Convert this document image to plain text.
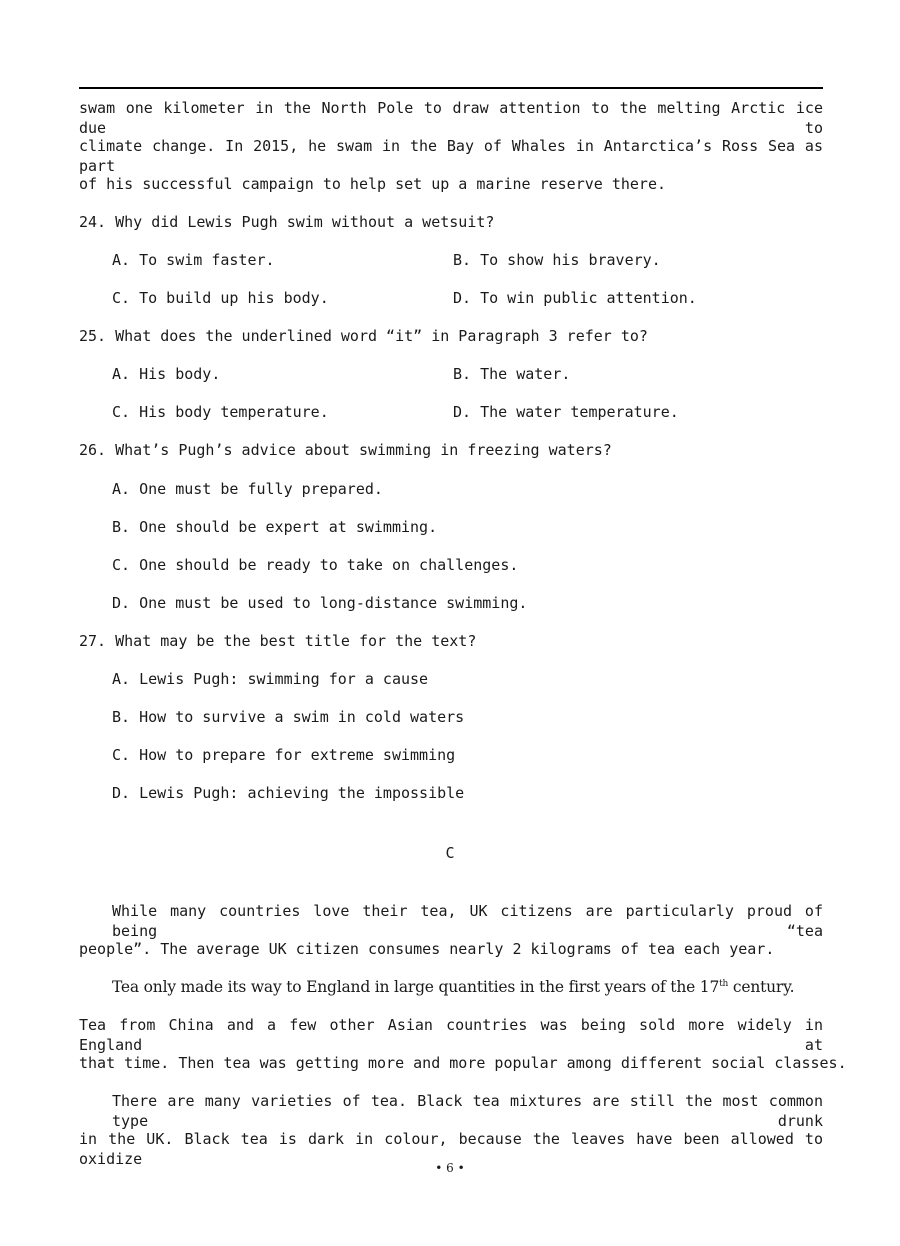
swam one kilometer in the North Pole to draw attention to the melting Arctic ice due to
climate change. In 2015, he swam in the Bay of Whales in Antarctica’s Ross Sea as part
of his successful campaign to help set up a marine reserve there.
24. Why did Lewis Pugh swim without a wetsuit?
A. To swim faster.	B. To show his bravery.
C. To build up his body.	D. To win public attention.
25. What does the underlined word “it” in Paragraph 3 refer to?
A. His body.	B. The water.
C. His body temperature.	D. The water temperature.
26. What’s Pugh’s advice about swimming in freezing waters?
A. One must be fully prepared.
B. One should be expert at swimming.
C. One should be ready to take on challenges.
D. One must be used to long-distance swimming.
27. What may be the best title for the text?
A. Lewis Pugh: swimming for a cause
B. How to survive a swim in cold waters
C. How to prepare for extreme swimming
D. Lewis Pugh: achieving the impossible
C
While many countries love their tea, UK citizens are particularly proud of being “tea
people”. The average UK citizen consumes nearly 2 kilograms of tea each year.
Tea only made its way to England in large quantities in the first years of the 17th century.
Tea from China and a few other Asian countries was being sold more widely in England at
that time. Then tea was getting more and more popular among different social classes.
There are many varieties of tea. Black tea mixtures are still the most common type drunk
in the UK. Black tea is dark in colour, because the leaves have been allowed to oxidize	• 6 •
